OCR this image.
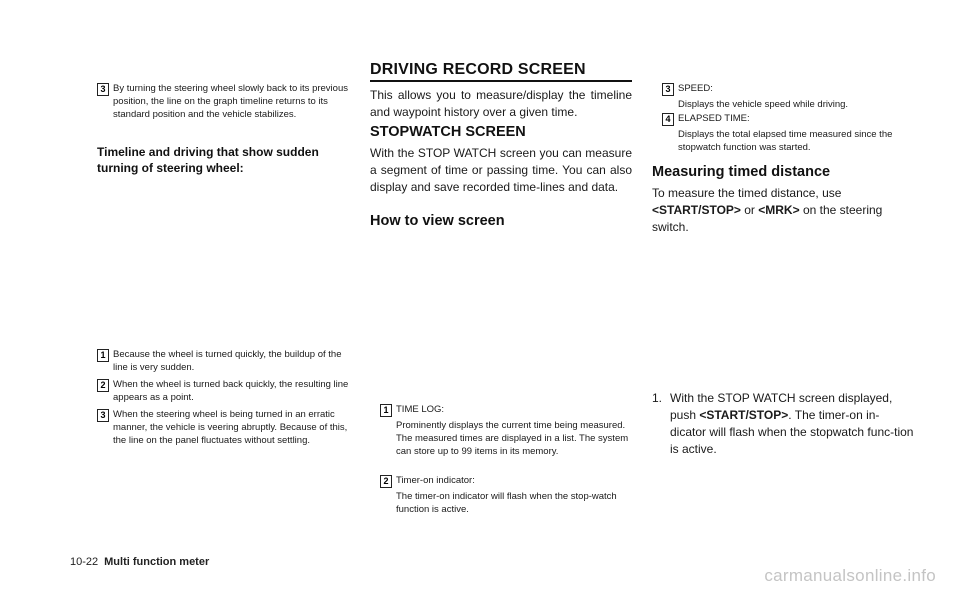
3 By turning the steering wheel slowly back to its previous position, the line on the graph timeline returns to its standard position and the vehicle stabilizes.
Timeline and driving that show sudden turning of steering wheel:
1 Because the wheel is turned quickly, the buildup of the line is very sudden.
2 When the wheel is turned back quickly, the resulting line appears as a point.
3 When the steering wheel is being turned in an erratic manner, the vehicle is veering abruptly. Because of this, the line on the panel fluctuates without settling.
DRIVING RECORD SCREEN
This allows you to measure/display the timeline and waypoint history over a given time.
STOPWATCH SCREEN
With the STOP WATCH screen you can measure a segment of time or passing time. You can also display and save recorded time-lines and data.
How to view screen
1 TIME LOG:
Prominently displays the current time being measured. The measured times are displayed in a list. The system can store up to 99 items in its memory.
2 Timer-on indicator:
The timer-on indicator will flash when the stop-watch function is active.
3 SPEED:
Displays the vehicle speed while driving.
4 ELAPSED TIME:
Displays the total elapsed time measured since the stopwatch function was started.
Measuring timed distance
To measure the timed distance, use <START/STOP> or <MRK> on the steering switch.
1. With the STOP WATCH screen displayed, push <START/STOP>. The timer-on in-dicator will flash when the stopwatch func-tion is active.
10-22 Multi function meter
carmanualsonline.info
